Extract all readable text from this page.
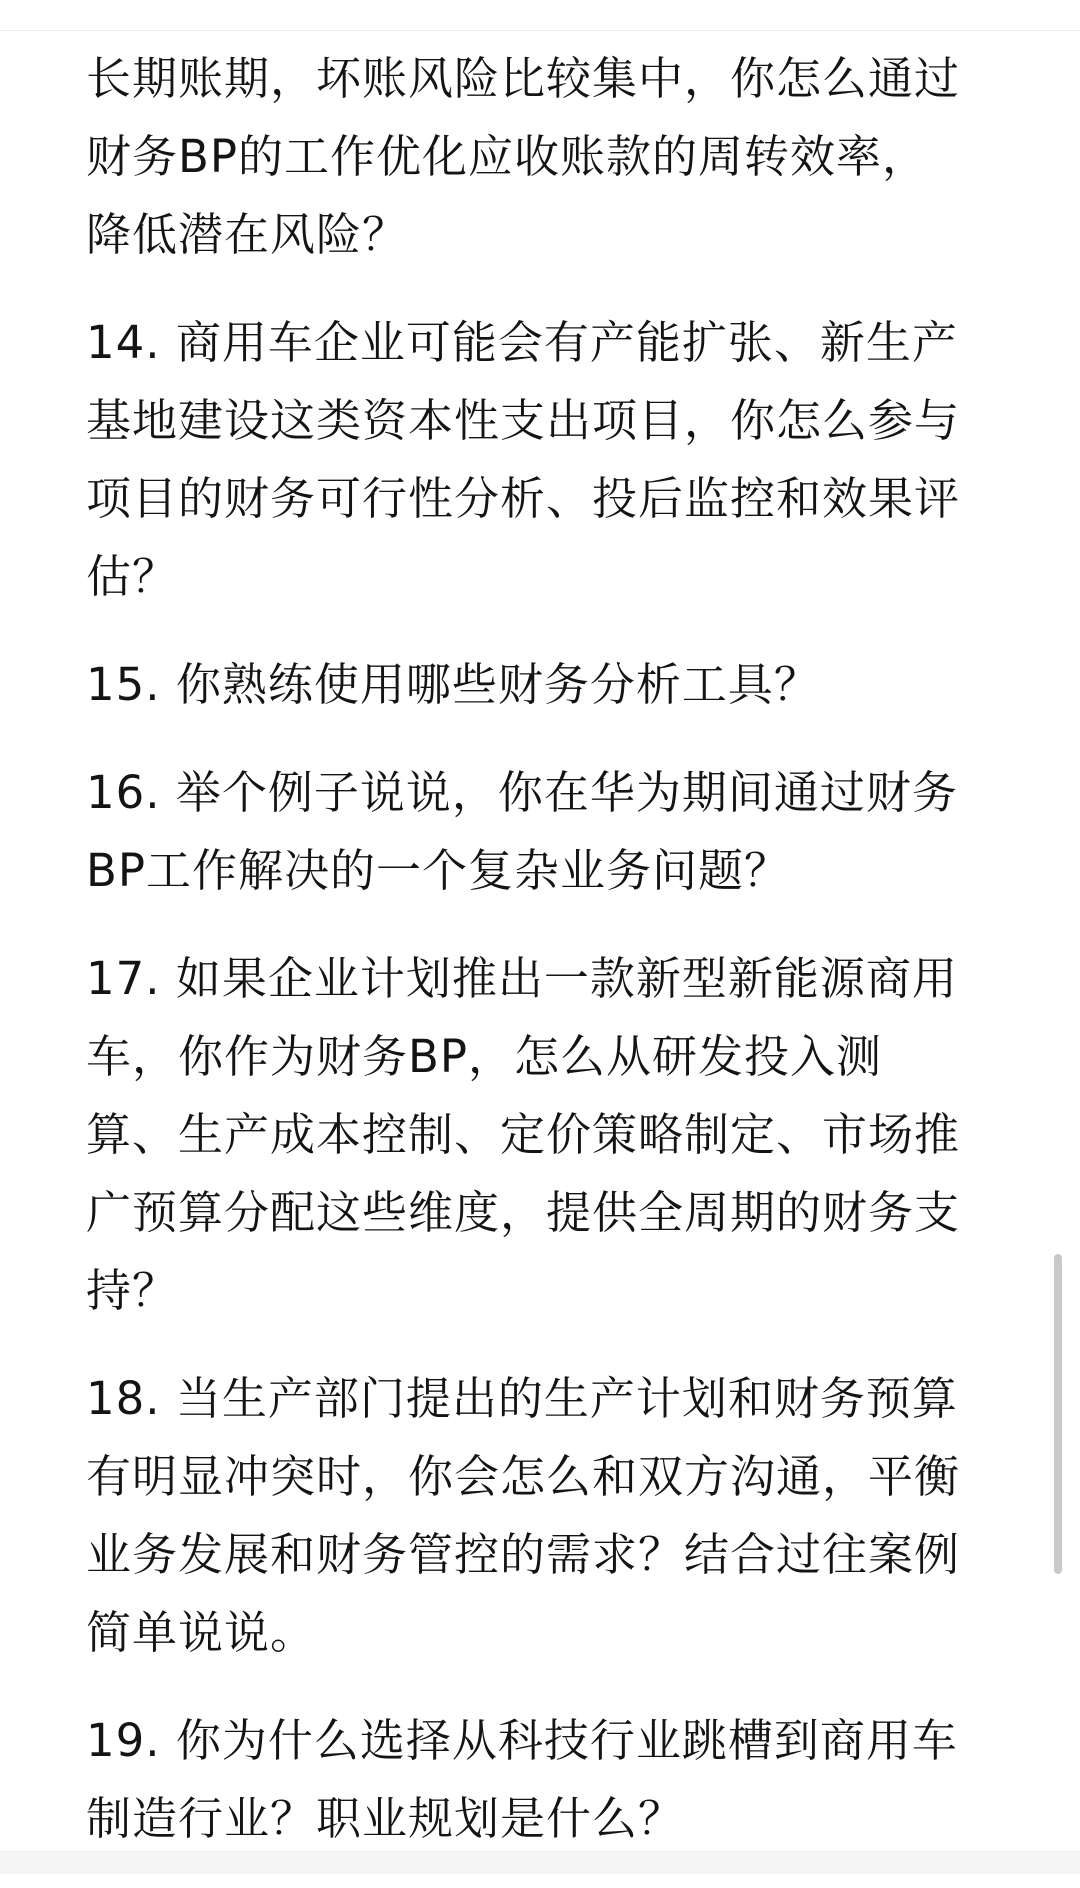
长期账期，坏账风险比较集中，你怎么通过
财务BP的工作优化应收账款的周转效率，
降低潜在风险？

14. 商用车企业可能会有产能扩张、新生产
基地建设这类资本性支出项目，你怎么参与
项目的财务可行性分析、投后监控和效果评
估？

15. 你熟练使用哪些财务分析工具？

16. 举个例子说说，你在华为期间通过财务
BP工作解决的一个复杂业务问题？

17. 如果企业计划推出一款新型新能源商用
车，你作为财务BP，怎么从研发投入测
算、生产成本控制、定价策略制定、市场推
广预算分配这些维度，提供全周期的财务支
持？

18. 当生产部门提出的生产计划和财务预算
有明显冲突时，你会怎么和双方沟通，平衡
业务发展和财务管控的需求？结合过往案例
简单说说。

19. 你为什么选择从科技行业跳槽到商用车
制造行业？职业规划是什么？
